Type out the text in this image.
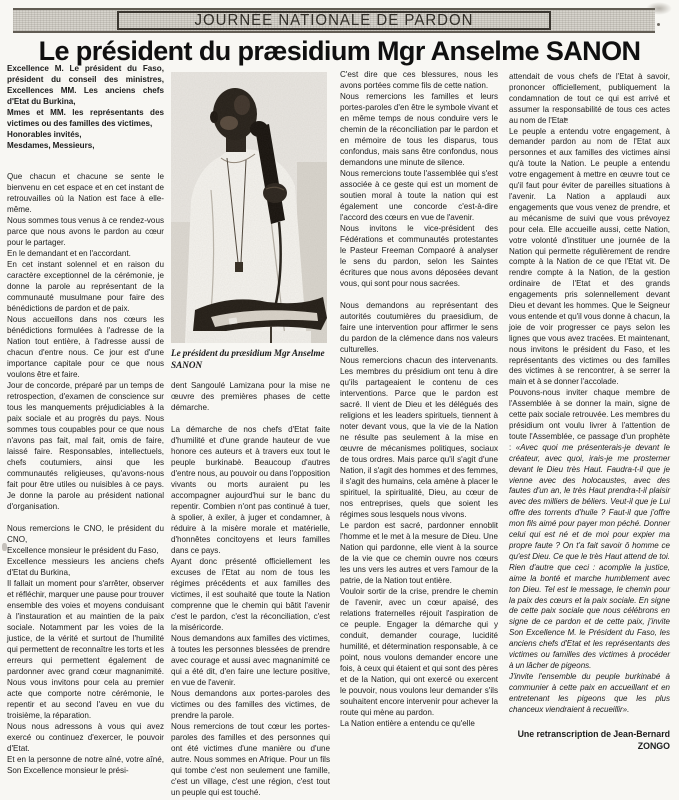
JOURNÉE NATIONALE DE PARDON
Le président du præsidium Mgr Anselme SANON

Excellence M. Le président du Faso, président du conseil des ministres, Excellences MM. Les anciens chefs d'Etat du Burkina,

Mmes et MM. les représentants des victimes ou des familles des victimes,

Honorables invités,

Mesdames, Messieurs,

Que chacun et chacune se sente le bienvenu en cet espace et en cet instant de retrouvailles où la Nation est face à elle-même.

Nous sommes tous venus à ce rendez-vous parce que nous avons le pardon au cœur pour le partager.

En le demandant et en l'accordant.

En cet instant solennel et en raison du caractère exceptionnel de la cérémonie, je donne la parole au représentant de la communauté musulmane pour faire des bénédictions de pardon et de paix.

Nous accueillons dans nos cœurs les bénédictions formulées à l'adresse de la Nation tout entière, à l'adresse aussi de chacun d'entre nous. Ce jour est d'une importance capitale pour ce que nous voulons être et faire.

Jour de concorde, préparé par un temps de retrospection, d'examen de conscience sur tous les manquements préjudiciables à la paix sociale et au progrès du pays. Nous sommes tous coupables pour ce que nous n'avons pas fait, mal fait, omis de faire, laissé faire. Responsables, intellectuels, chefs coutumiers, ainsi que les communautés religieuses, qu'avons-nous fait pour être utiles ou nuisibles à ce pays. Je donne la parole au président national d'organisation.

Nous remercions le CNO, le président du CNO,

Excellence monsieur le président du Faso,

Excellence messieurs les anciens chefs d'Etat du Burkina,

Il fallait un moment pour s'arrêter, observer et réfléchir, marquer une pause pour trouver ensemble des voies et moyens conduisant à l'instauration et au maintien de la paix sociale. Notamment par les voies de la justice, de la vérité et surtout de l'humilité qui permettent de reconnaître les torts et les erreurs qui permettent également de pardonner avec grand cœur magnanimité. Nous vous invitons pour cela au premier acte que comporte notre cérémonie, le repentir et au second l'aveu en vue du troisième, la réparation.

Nous nous adressons à vous qui avez exercé ou continuez d'exercer, le pouvoir d'Etat.

Et en la personne de notre aîné, votre aîné, Son Excellence monsieur le prési-

Le président du præsidium Mgr Anselme SANON

dent Sangoulé Lamizana pour la mise ne œuvre des premières phases de cette démarche.

La démarche de nos chefs d'Etat faite d'humilité et d'une grande hauteur de vue honore ces auteurs et à travers eux tout le peuple burkinabè. Beaucoup d'autres d'entre nous, au pouvoir ou dans l'opposition vivants ou morts auraient pu les accompagner aujourd'hui sur le banc du repentir. Combien n'ont pas continué à tuer, à spolier, à exiler, à juger et condamner, à réduire à la misère morale et matérielle, d'honnêtes concitoyens et leurs familles dans ce pays.

Ayant donc présenté officiellement les excuses de l'Etat au nom de tous les régimes précédents et aux familles des victimes, il est souhaité que toute la Nation comprenne que le chemin qui bâtit l'avenir c'est le pardon, c'est la réconciliation, c'est la miséricorde.

Nous demandons aux familles des victimes, à toutes les personnes blessées de prendre avec courage et aussi avec magnanimité ce qui a été dit, d'en faire une lecture positive, en vue de l'avenir.

Nous demandons aux portes-paroles des victimes ou des familles des victimes, de prendre la parole.

Nous remercions de tout cœur les portes-paroles des familles et des personnes qui ont été victimes d'une manière ou d'une autre. Nous sommes en Afrique. Pour un fils qui tombe c'est non seulement une famille, c'est un village, c'est une région, c'est tout un peuple qui est touché.

C'est dire que ces blessures, nous les avons portées comme fils de cette nation.

Nous remercions les familles et leurs portes-paroles d'en être le symbole vivant et en même temps de nous conduire vers le chemin de la réconciliation par le pardon et en mémoire de tous les disparus, tous confondus, mais sans être confondus, nous demandons une minute de silence.

Nous remercions toute l'assemblée qui s'est associée à ce geste qui est un moment de soutien moral à toute la nation qui est également une concorde c'est-à-dire l'accord des cœurs en vue de l'avenir.

Nous invitons le vice-président des Fédérations et communautés protestantes le Pasteur Freeman Compaoré à analyser le sens du pardon, selon les Saintes écritures que nous avons déposées devant vous, qui sont pour nous sacrées.

Nous demandons au représentant des autorités coutumières du praesidium, de faire une intervention pour affirmer le sens du pardon de la clémence dans nos valeurs culturelles.

Nous remercions chacun des intervenants. Les membres du présidium ont tenu à dire qu'ils partageaient le contenu de ces interventions. Parce que le pardon est sacré. Il vient de Dieu et les délégués des religions et les leaders spirituels, tiennent à noter devant vous, que la vie de la Nation ne résulte pas seulement à la mise en œuvre de mécanismes politiques, sociaux de tous ordres. Mais parce qu'il s'agit d'une Nation, il s'agit des hommes et des femmes, il s'agit des humains, cela amène à placer le spirituel, la spiritualité, Dieu, au cœur de nos entreprises, quels que soient les régimes sous lesquels nous vivons.

Le pardon est sacré, pardonner ennoblit l'homme et le met à la mesure de Dieu. Une Nation qui pardonne, elle vient à la source de la vie que ce chemin ouvre nos cœurs les uns vers les autres et vers l'amour de la patrie, de la Nation tout entière.

Vouloir sortir de la crise, prendre le chemin de l'avenir, avec un cœur apaisé, des relations fraternelles réjouit l'aspiration de ce peuple. Engager la démarche qui y conduit, demander courage, lucidité humilité, et détermination responsable, à ce point, nous voulons demander encore une fois, à ceux qui étaient et qui sont des pères et de la Nation, qui ont exercé ou exercent le pouvoir, nous voulons leur demander s'ils souhaitent encore intervenir pour achever la route qui mène au pardon.

La Nation entière a entendu ce qu'elle

attendait de vous chefs de l'Etat à savoir, prononcer officiellement, publiquement la condamnation de tout ce qui est arrivé et assumer la responsabilité de tous ces actes au nom de l'Etat.

Le peuple a entendu votre engagement, à demander pardon au nom de l'Etat aux personnes et aux familles des victimes ainsi qu'à toute la Nation. Le peuple a entendu votre engagement à mettre en œuvre tout ce qu'il faut pour éviter de pareilles situations à l'avenir. La Nation a applaudi aux engagements que vous venez de prendre, et au mécanisme de suivi que vous prévoyez pour cela. Elle accueille aussi, cette Nation, votre volonté d'instituer une journée de la Nation qui permette régulièrement de rendre compte à la Nation de ce que l'Etat vit. De rendre compte à la Nation, de la gestion ordinaire de l'Etat et des grands engagements pris solennellement devant Dieu et devant les hommes. Que le Seigneur vous entende et qu'il vous donne à chacun, la joie de voir progresser ce pays selon les lignes que vous avez tracées. Et maintenant, nous invitons le président du Faso, et les représentants des victimes ou des familles des victimes à se rencontrer, à se serrer la main et à se donner l'accolade.

Pouvons-nous inviter chaque membre de l'Assemblée à se donner la main, signe de cette paix sociale retrouvée. Les membres du présidium ont voulu livrer à l'attention de toute l'Assemblée, ce passage d'un prophète : «Avec quoi me présenterais-je devant le créateur, avec quoi, irais-je me prosterner devant le Dieu très Haut. Faudra-t-il que je vienne avec des holocaustes, avec des fautes d'un an, le très Haut prendra-t-il plaisir avec des milliers de béliers. Veut-il que je Lui offre des torrents d'huile ? Faut-il que j'offre mon fils aimé pour payer mon péché. Donner celui qui est né et de moi pour expier ma propre faute ? On t'a fait savoir ô homme ce qu'est Dieu. Ce que le très Haut attend de toi. Rien d'autre que ceci : acomplie la justice, aime la bonté et marche humblement avec ton Dieu. Tel est le message, le chemin pour la paix des cœurs et la paix sociale. En signe de cette paix sociale que nous célébrons en signe de ce pardon et de cette paix, j'invite Son Excellence M. le Président du Faso, les anciens chefs d'Etat et les représentants des victimes ou familles des victimes à procéder à un lâcher de pigeons.

J'invite l'ensemble du peuple burkinabé à communier à cette paix en accueillant et en entretenant les pigeons que les plus chanceux viendraient à recueillir».

Une retranscription de Jean-Bernard
ZONGO
